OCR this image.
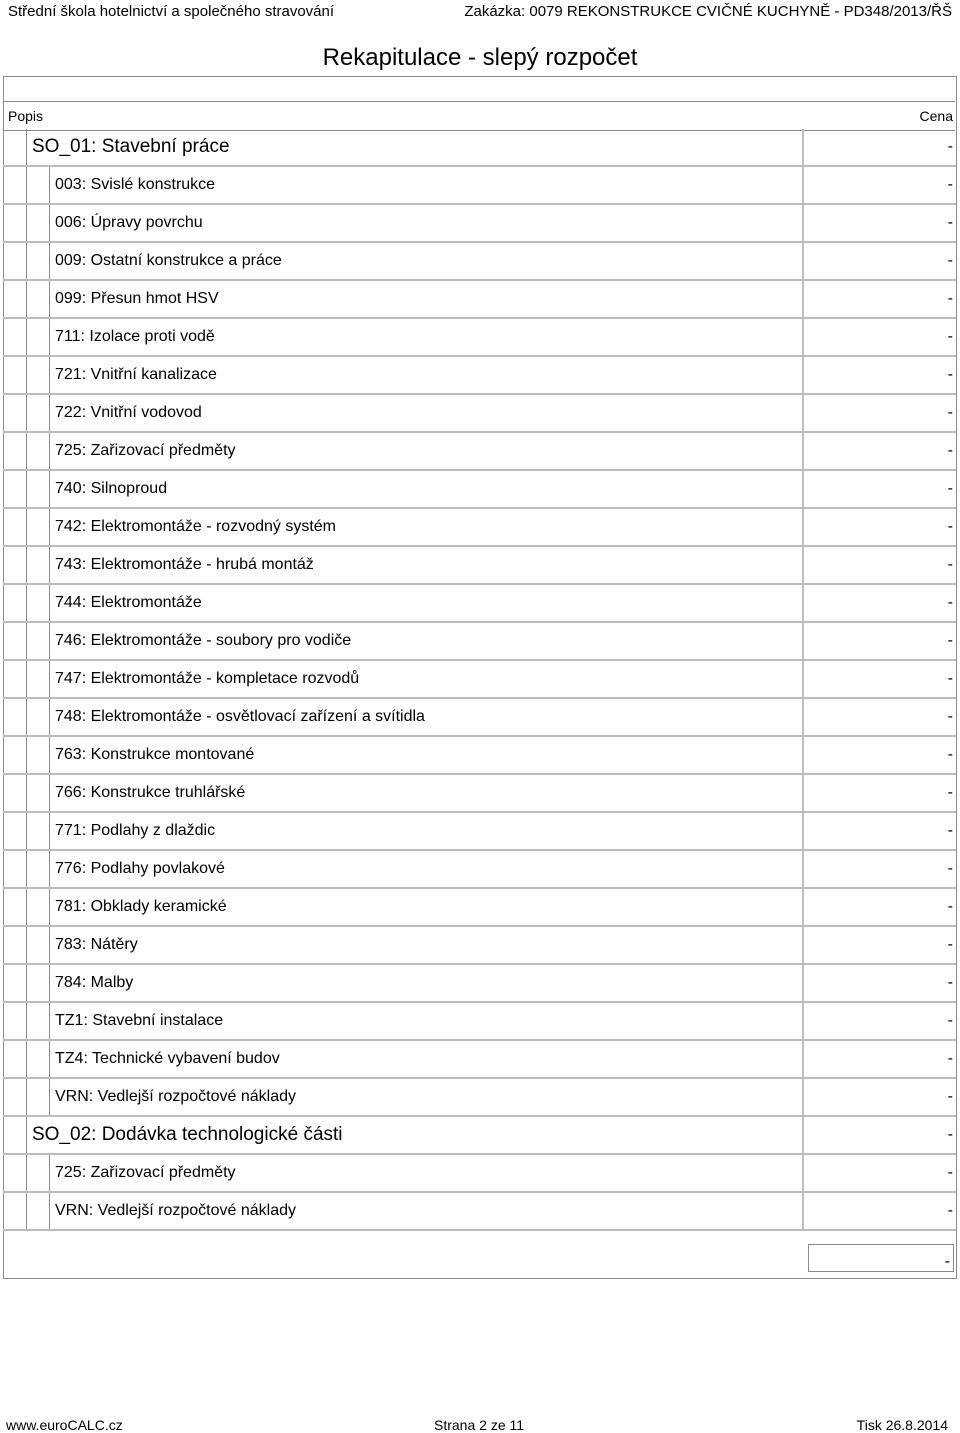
Střední škola hotelnictví a společného stravování	Zakázka: 0079 REKONSTRUKCE CVIČNÉ KUCHYNĚ - PD348/2013/ŘŠ
Rekapitulace - slepý rozpočet
Popis	Cena
SO_01: Stavební práce	-
003: Svislé konstrukce	-
006: Úpravy povrchu	-
009: Ostatní konstrukce a práce	-
099: Přesun hmot HSV	-
711: Izolace proti vodě	-
721: Vnitřní kanalizace	-
722: Vnitřní vodovod	-
725: Zařizovací předměty	-
740: Silnoproud	-
742: Elektromontáže - rozvodný systém	-
743: Elektromontáže - hrubá montáž	-
744: Elektromontáže	-
746: Elektromontáže - soubory pro vodiče	-
747: Elektromontáže - kompletace rozvodů	-
748: Elektromontáže - osvětlovací zařízení a svítidla	-
763: Konstrukce montované	-
766: Konstrukce truhlářské	-
771: Podlahy z dlaždic	-
776: Podlahy povlakové	-
781: Obklady keramické	-
783: Nátěry	-
784: Malby	-
TZ1: Stavební instalace	-
TZ4: Technické vybavení budov	-
VRN: Vedlejší rozpočtové náklady	-
SO_02: Dodávka technologické části	-
725: Zařizovací předměty	-
VRN: Vedlejší rozpočtové náklady	-
-
www.euroCALC.cz	Strana 2 ze 11	Tisk 26.8.2014
